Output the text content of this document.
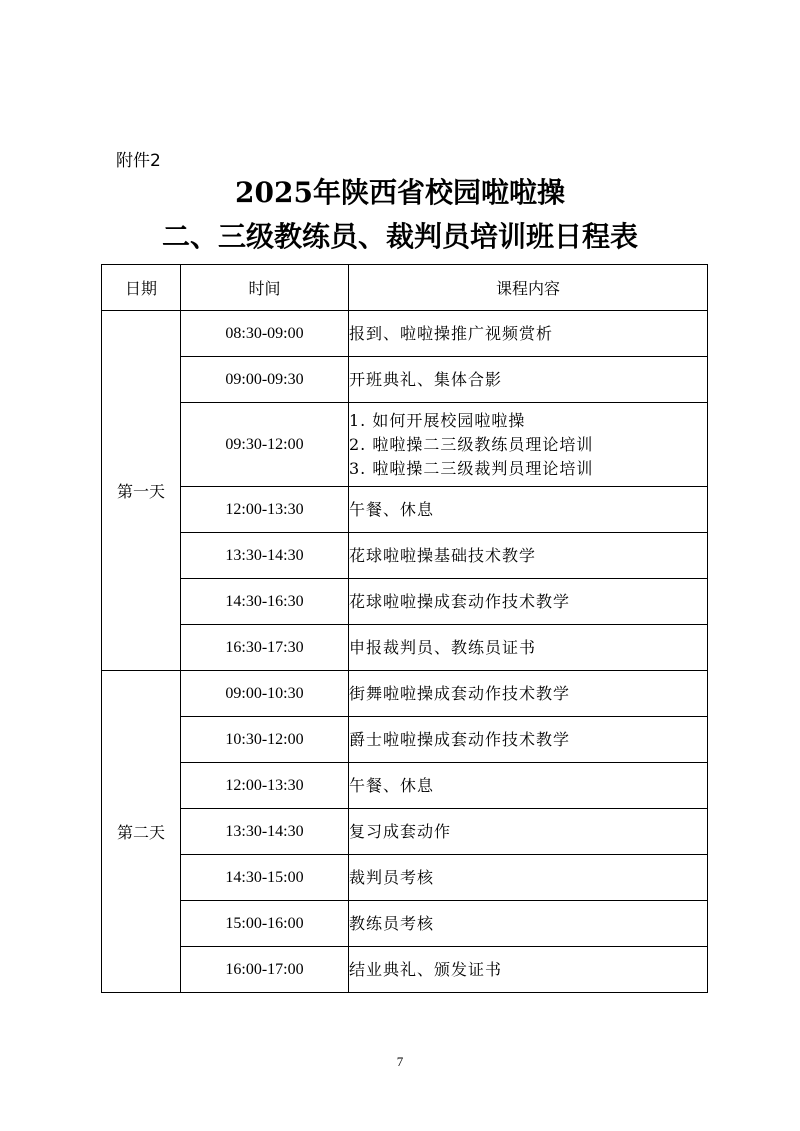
附件2
2025年陕西省校园啦啦操
二、三级教练员、裁判员培训班日程表
日期	时间	课程内容
第一天	08:30-09:00	报到、啦啦操推广视频赏析

	09:00-09:30	开班典礼、集体合影

	09:30-12:00	1. 如何开展校园啦啦操
2. 啦啦操二三级教练员理论培训
3. 啦啦操二三级裁判员理论培训

	12:00-13:30	午餐、休息

	13:30-14:30	花球啦啦操基础技术教学

	14:30-16:30	花球啦啦操成套动作技术教学

	16:30-17:30	申报裁判员、教练员证书

第二天	09:00-10:30	街舞啦啦操成套动作技术教学

	10:30-12:00	爵士啦啦操成套动作技术教学

	12:00-13:30	午餐、休息

	13:30-14:30	复习成套动作

	14:30-15:00	裁判员考核

	15:00-16:00	教练员考核

	16:00-17:00	结业典礼、颁发证书
7
